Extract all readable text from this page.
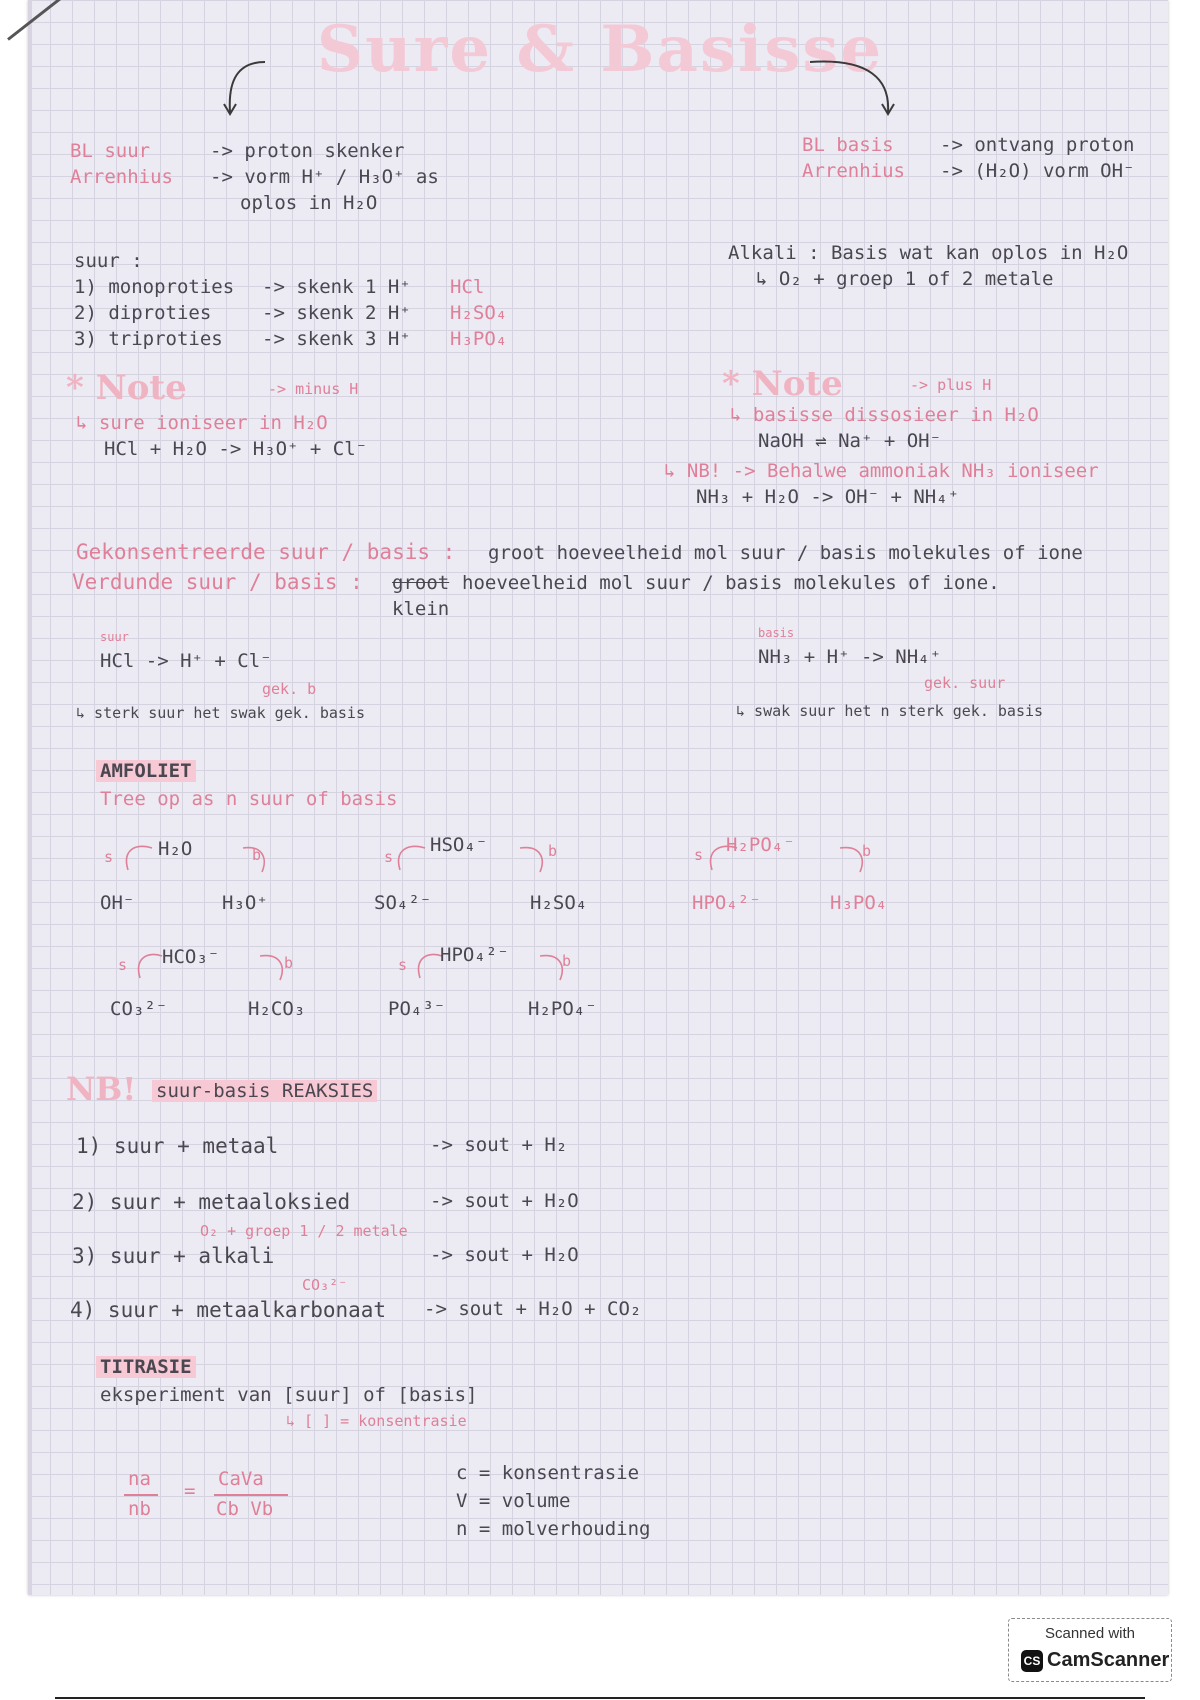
Sure & Basisse
BL suur	-> proton skenker
Arrenhius -> vorm H⁺ / H₃O⁺ as
oplos in H₂O
BL basis -> ontvang proton
Arrenhius -> (H₂O) vorm OH⁻
suur :
1) monoproties -> skenk 1 H⁺ HCl
2) diproties	-> skenk 2 H⁺ H₂SO₄
3) triproties -> skenk 3 H⁺ H₃PO₄
Alkali : Basis wat kan oplos in H₂O
↳ O₂ + groep 1 of 2 metale
* Note	-> minus H
↳ sure ioniseer in H₂O
HCl + H₂O -> H₃O⁺ + Cl⁻
* Note	-> plus H
↳ basisse dissosieer in H₂O
NaOH ⇌ Na⁺ + OH⁻
↳ NB! -> Behalwe ammoniak NH₃ ioniseer
NH₃ + H₂O -> OH⁻ + NH₄⁺
Gekonsentreerde suur / basis : groot hoeveelheid mol suur / basis molekules of ione
Verdunde suur / basis : groot hoeveelheid mol suur / basis molekules of ione.
klein
suur
HCl -> H⁺ + Cl⁻
gek. b
↳ sterk suur het swak gek. basis
basis
NH₃ + H⁺ -> NH₄⁺
gek. suur
↳ swak suur het n sterk gek. basis
AMFOLIET
Tree op as n suur of basis
s H₂O	b
OH⁻	H₃O⁺
s
HSO₄⁻	b
SO₄²⁻	H₂SO₄
s H₂PO₄⁻	b
HPO₄²⁻	H₃PO₄
s HCO₃⁻	b
CO₃²⁻	H₂CO₃
s HPO₄²⁻	b
PO₄³⁻	H₂PO₄⁻
NB! suur-basis REAKSIES
1) suur + metaal	-> sout + H₂
2) suur + metaaloksied	-> sout + H₂O
O₂ + groep 1 / 2 metale
3) suur + alkali	-> sout + H₂O
CO₃²⁻
4) suur + metaalkarbonaat -> sout + H₂O + CO₂
TITRASIE
eksperiment van [suur] of [basis]
↳ [ ] = konsentrasie
na
nb
=
CaVa
Cb Vb
c = konsentrasie
V = volume
n = molverhouding
Scanned with
CS CamScanner
